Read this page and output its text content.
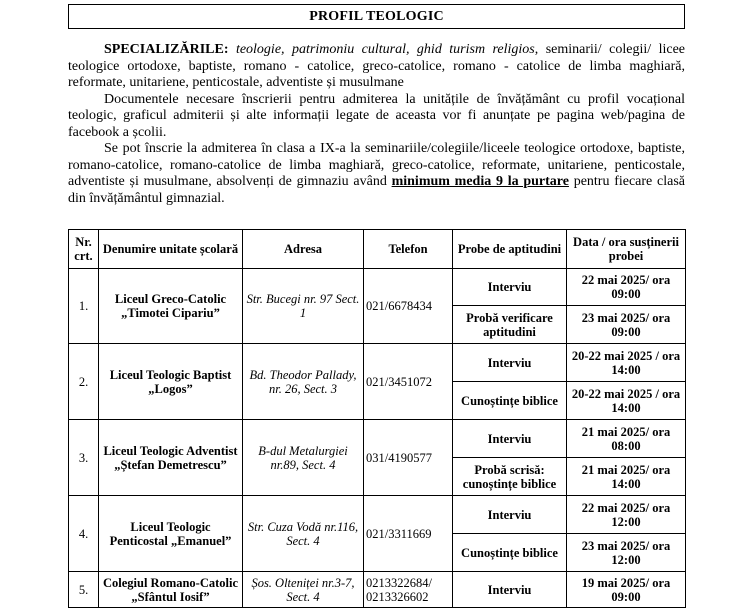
PROFIL TEOLOGIC

SPECIALIZĂRILE: teologie, patrimoniu cultural, ghid turism religios, seminarii/ colegii/ licee teologice ortodoxe, baptiste, romano - catolice, greco-catolice, romano - catolice de limba maghiară, reformate, unitariene, penticostale, adventiste și musulmane

Documentele necesare înscrierii pentru admiterea la unitățile de învățământ cu profil vocațional teologic, graficul admiterii și alte informații legate de aceasta vor fi anunțate pe pagina web/pagina de facebook a școlii.

Se pot înscrie la admiterea în clasa a IX-a la seminariile/colegiile/liceele teologice ortodoxe, baptiste, romano-catolice, romano-catolice de limba maghiară, greco-catolice, reformate, unitariene, penticostale, adventiste și musulmane, absolvenți de gimnaziu având minimum media 9 la purtare pentru fiecare clasă din învățământul gimnazial.

Nr. crt.	Denumire unitate școlară	Adresa	Telefon	Probe de aptitudini	Data / ora susținerii probei
1.	Liceul Greco-Catolic „Timotei Cipariu”	Str. Bucegi nr. 97 Sect. 1	021/6678434	Interviu	22 mai 2025/ ora 09:00
				Probă verificare aptitudini	23 mai 2025/ ora 09:00
2.	Liceul Teologic Baptist „Logos”	Bd. Theodor Pallady, nr. 26, Sect. 3	021/3451072	Interviu	20-22 mai 2025 / ora 14:00
				Cunoștințe biblice	20-22 mai 2025 / ora 14:00
3.	Liceul Teologic Adventist „Ștefan Demetrescu”	B-dul Metalurgiei nr.89, Sect. 4	031/4190577	Interviu	21 mai 2025/ ora 08:00
				Probă scrisă: cunoștințe biblice	21 mai 2025/ ora 14:00
4.	Liceul Teologic Penticostal „Emanuel”	Str. Cuza Vodă nr.116, Sect. 4	021/3311669	Interviu	22 mai 2025/ ora 12:00
				Cunoștințe biblice	23 mai 2025/ ora 12:00
5.	Colegiul Romano-Catolic „Sfântul Iosif”	Șos. Olteniței nr.3-7, Sect. 4	0213322684/ 0213326602	Interviu	19 mai 2025/ ora 09:00
